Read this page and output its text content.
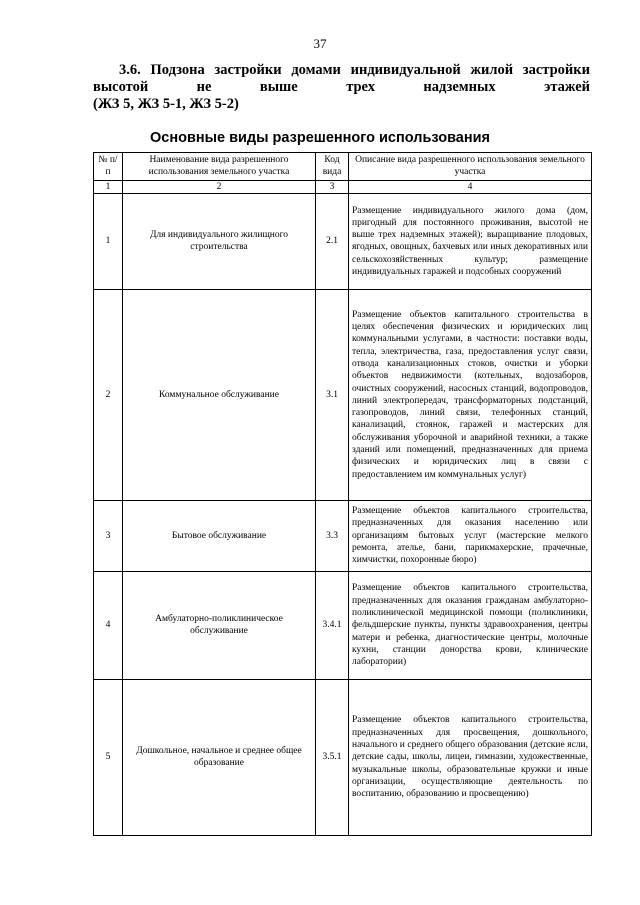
37
3.6. Подзона застройки домами индивидуальной жилой застройки
высотой не выше трех надземных этажей
(ЖЗ 5, ЖЗ 5-1, ЖЗ 5-2)
Основные виды разрешенного использования
№ п/п	Наименование вида разрешенного использования земельного участка	Код вида	Описание вида разрешенного использования земельного участка
1	2	3	4
1	Для индивидуального жилищного строительства	2.1	Размещение индивидуального жилого дома (дом, пригодный для постоянного проживания, высотой не выше трех надземных этажей); выращивание плодовых, ягодных, овощных, бахчевых или иных декоративных или сельскохозяйственных культур; размещение индивидуальных гаражей и подсобных сооружений
2	Коммунальное обслуживание	3.1	Размещение объектов капитального строительства в целях обеспечения физических и юридических лиц коммунальными услугами, в частности: поставки воды, тепла, электричества, газа, предоставления услуг связи, отвода канализационных стоков, очистки и уборки объектов недвижимости (котельных, водозаборов, очистных сооружений, насосных станций, водопроводов, линий электропередач, трансформаторных подстанций, газопроводов, линий связи, телефонных станций, канализаций, стоянок, гаражей и мастерских для обслуживания уборочной и аварийной техники, а также зданий или помещений, предназначенных для приема физических и юридических лиц в связи с предоставлением им коммунальных услуг)
3	Бытовое обслуживание	3.3	Размещение объектов капитального строительства, предназначенных для оказания населению или организациям бытовых услуг (мастерские мелкого ремонта, ателье, бани, парикмахерские, прачечные, химчистки, похоронные бюро)
4	Амбулаторно-поликлиническое обслуживание	3.4.1	Размещение объектов капитального строительства, предназначенных для оказания гражданам амбулаторно-поликлинической медицинской помощи (поликлиники, фельдшерские пункты, пункты здравоохранения, центры матери и ребенка, диагностические центры, молочные кухни, станции донорства крови, клинические лаборатории)
5	Дошкольное, начальное и среднее общее образование	3.5.1	Размещение объектов капитального строительства, предназначенных для просвещения, дошкольного, начального и среднего общего образования (детские ясли, детские сады, школы, лицеи, гимназии, художественные, музыкальные школы, образовательные кружки и иные организации, осуществляющие деятельность по воспитанию, образованию и просвещению)
